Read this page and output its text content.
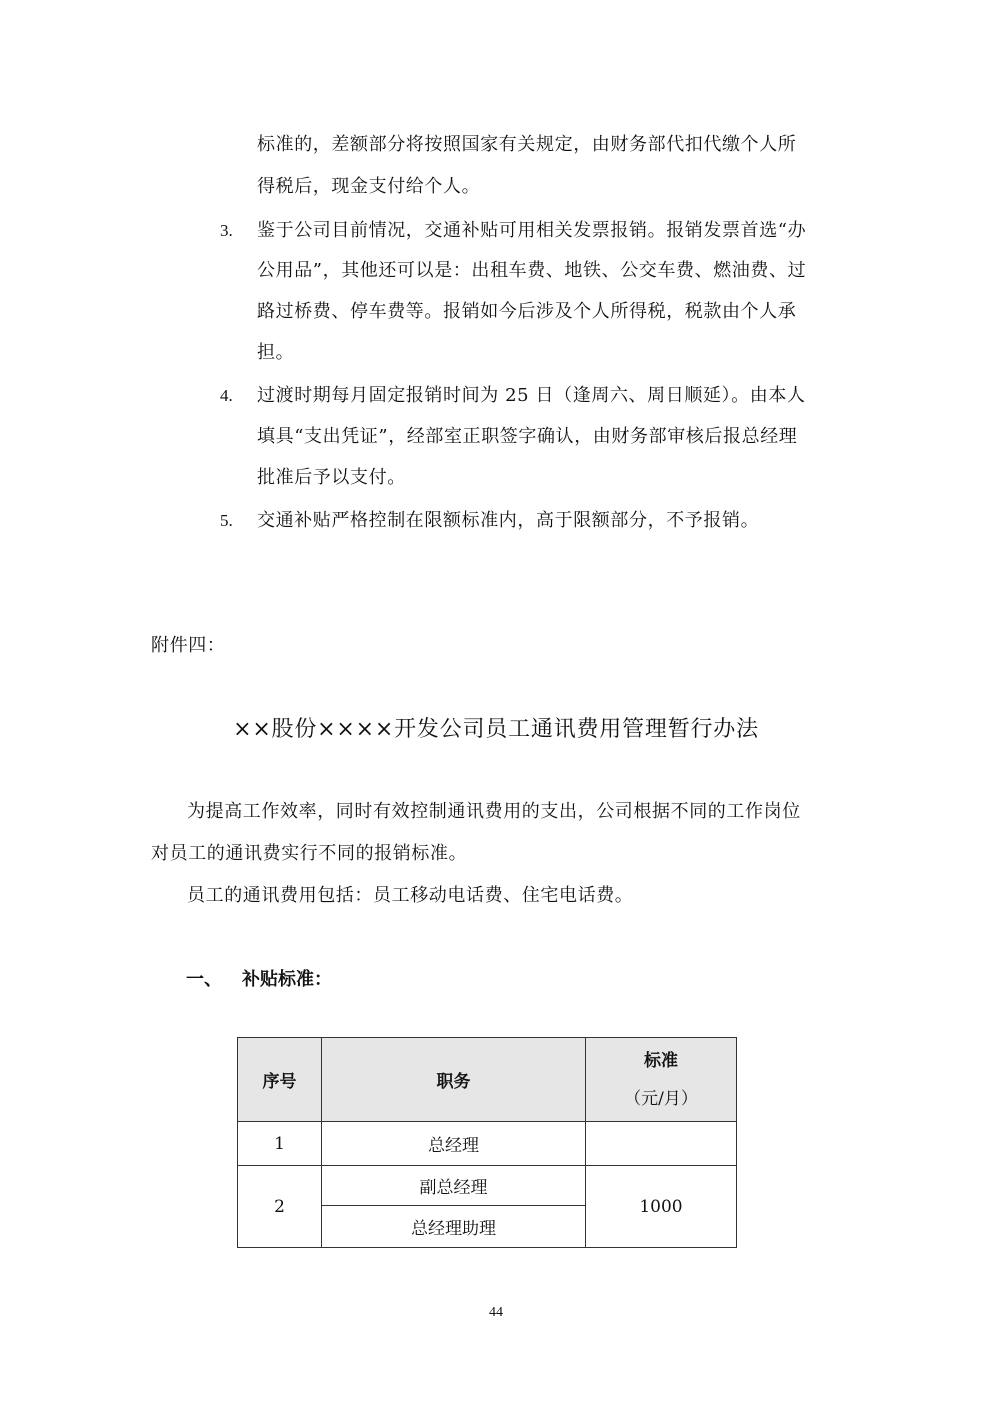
标准的，差额部分将按照国家有关规定，由财务部代扣代缴个人所
得税后，现金支付给个人。
3. 鉴于公司目前情况，交通补贴可用相关发票报销。报销发票首选“办
公用品”，其他还可以是：出租车费、地铁、公交车费、燃油费、过
路过桥费、停车费等。报销如今后涉及个人所得税，税款由个人承
担。
4. 过渡时期每月固定报销时间为 25 日（逢周六、周日顺延）。由本人
填具“支出凭证”，经部室正职签字确认，由财务部审核后报总经理
批准后予以支付。
5. 交通补贴严格控制在限额标准内，高于限额部分，不予报销。
附件四：
××股份××××开发公司员工通讯费用管理暂行办法
为提高工作效率，同时有效控制通讯费用的支出，公司根据不同的工作岗位
对员工的通讯费实行不同的报销标准。
员工的通讯费用包括：员工移动电话费、住宅电话费。
一、 补贴标准：
序号	职务	标准
（元/月）

1	总经理	
2	副总经理	1000
	总经理助理	
44
